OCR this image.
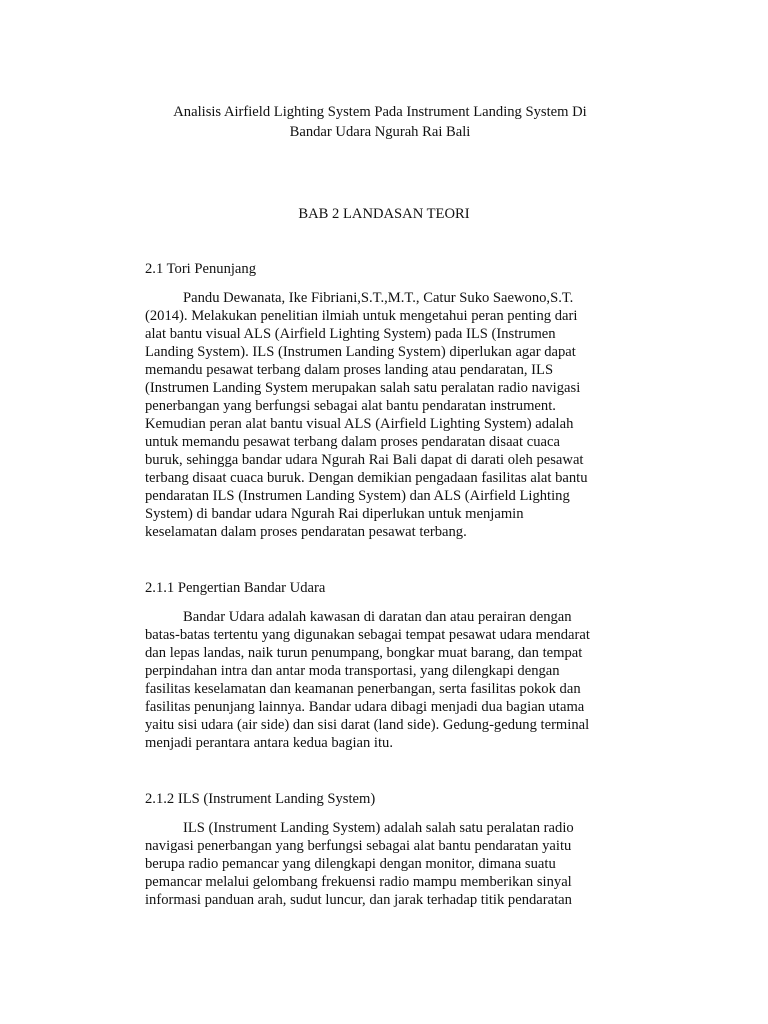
Analisis Airfield Lighting System Pada Instrument Landing System Di
Bandar Udara Ngurah Rai Bali
BAB 2 LANDASAN TEORI
2.1 Tori Penunjang
Pandu Dewanata, Ike Fibriani,S.T.,M.T., Catur Suko Saewono,S.T.
(2014). Melakukan penelitian ilmiah untuk mengetahui peran penting dari
alat bantu visual ALS (Airfield Lighting System) pada ILS (Instrumen
Landing System). ILS (Instrumen Landing System) diperlukan agar dapat
memandu pesawat terbang dalam proses landing atau pendaratan, ILS
(Instrumen Landing System merupakan salah satu peralatan radio navigasi
penerbangan yang berfungsi sebagai alat bantu pendaratan instrument.
Kemudian peran alat bantu visual ALS (Airfield Lighting System) adalah
untuk memandu pesawat terbang dalam proses pendaratan disaat cuaca
buruk, sehingga bandar udara Ngurah Rai Bali dapat di darati oleh pesawat
terbang disaat cuaca buruk. Dengan demikian pengadaan fasilitas alat bantu
pendaratan ILS (Instrumen Landing System) dan ALS (Airfield Lighting
System) di bandar udara Ngurah Rai diperlukan untuk menjamin
keselamatan dalam proses pendaratan pesawat terbang.
2.1.1 Pengertian Bandar Udara
Bandar Udara adalah kawasan di daratan dan atau perairan dengan
batas-batas tertentu yang digunakan sebagai tempat pesawat udara mendarat
dan lepas landas, naik turun penumpang, bongkar muat barang, dan tempat
perpindahan intra dan antar moda transportasi, yang dilengkapi dengan
fasilitas keselamatan dan keamanan penerbangan, serta fasilitas pokok dan
fasilitas penunjang lainnya. Bandar udara dibagi menjadi dua bagian utama
yaitu sisi udara (air side) dan sisi darat (land side). Gedung-gedung terminal
menjadi perantara antara kedua bagian itu.
2.1.2 ILS (Instrument Landing System)
ILS (Instrument Landing System) adalah salah satu peralatan radio
navigasi penerbangan yang berfungsi sebagai alat bantu pendaratan yaitu
berupa radio pemancar yang dilengkapi dengan monitor, dimana suatu
pemancar melalui gelombang frekuensi radio mampu memberikan sinyal
informasi panduan arah, sudut luncur, dan jarak terhadap titik pendaratan
